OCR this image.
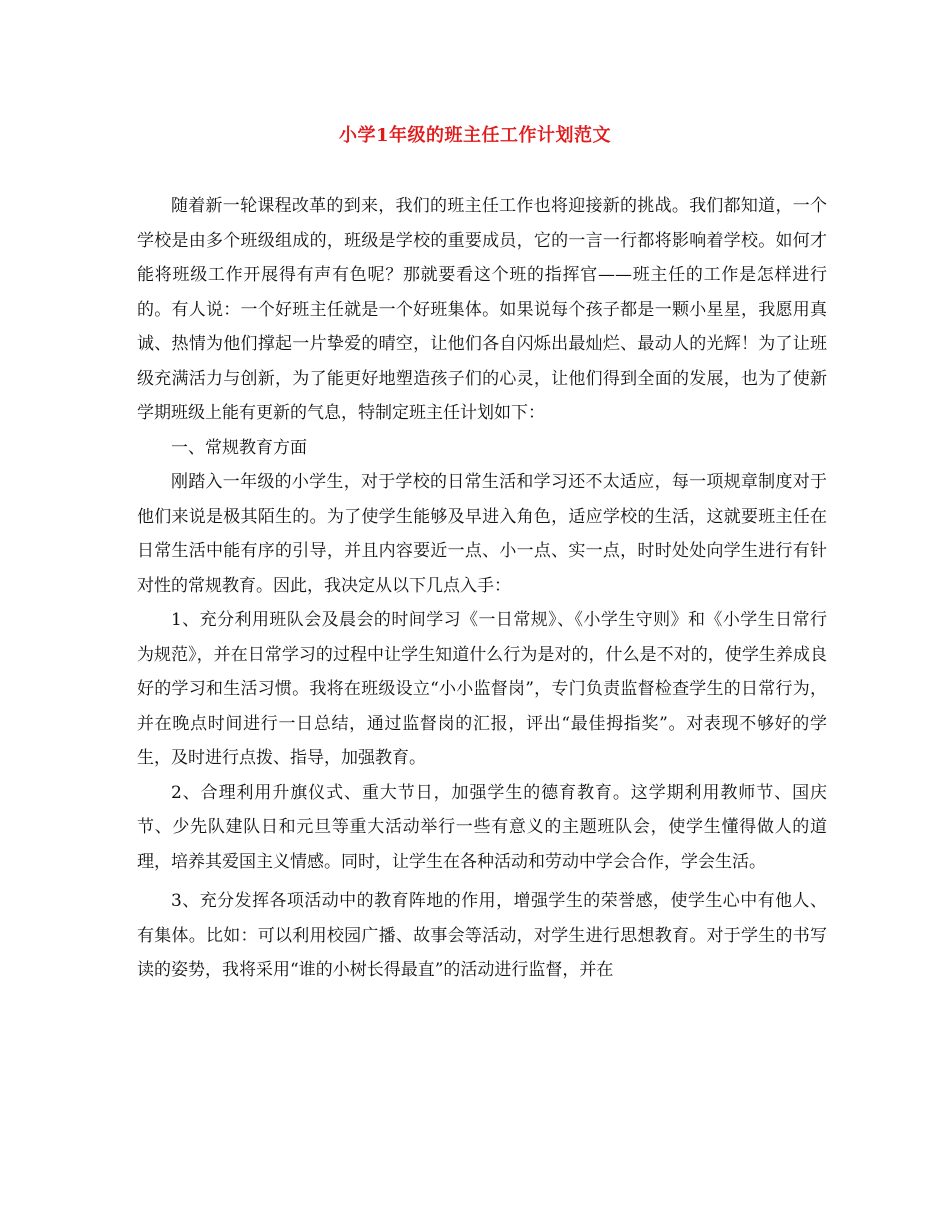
小学1年级的班主任工作计划范文

随着新一轮课程改革的到来，我们的班主任工作也将迎接新的挑战。我们都知道，一个学校是由多个班级组成的，班级是学校的重要成员，它的一言一行都将影响着学校。如何才能将班级工作开展得有声有色呢？那就要看这个班的指挥官——班主任的工作是怎样进行的。有人说：一个好班主任就是一个好班集体。如果说每个孩子都是一颗小星星，我愿用真诚、热情为他们撑起一片挚爱的晴空，让他们各自闪烁出最灿烂、最动人的光辉！为了让班级充满活力与创新，为了能更好地塑造孩子们的心灵，让他们得到全面的发展，也为了使新学期班级上能有更新的气息，特制定班主任计划如下：

一、常规教育方面

刚踏入一年级的小学生，对于学校的日常生活和学习还不太适应，每一项规章制度对于他们来说是极其陌生的。为了使学生能够及早进入角色，适应学校的生活，这就要班主任在日常生活中能有序的引导，并且内容要近一点、小一点、实一点，时时处处向学生进行有针对性的常规教育。因此，我决定从以下几点入手：

1、充分利用班队会及晨会的时间学习《一日常规》、《小学生守则》和《小学生日常行为规范》，并在日常学习的过程中让学生知道什么行为是对的，什么是不对的，使学生养成良好的学习和生活习惯。我将在班级设立“小小监督岗”，专门负责监督检查学生的日常行为，并在晚点时间进行一日总结，通过监督岗的汇报，评出“最佳拇指奖”。对表现不够好的学生，及时进行点拨、指导，加强教育。

2、合理利用升旗仪式、重大节日，加强学生的德育教育。这学期利用教师节、国庆节、少先队建队日和元旦等重大活动举行一些有意义的主题班队会，使学生懂得做人的道理，培养其爱国主义情感。同时，让学生在各种活动和劳动中学会合作，学会生活。

3、充分发挥各项活动中的教育阵地的作用，增强学生的荣誉感，使学生心中有他人、有集体。比如：可以利用校园广播、故事会等活动，对学生进行思想教育。对于学生的书写读的姿势，我将采用“谁的小树长得最直”的活动进行监督，并在
